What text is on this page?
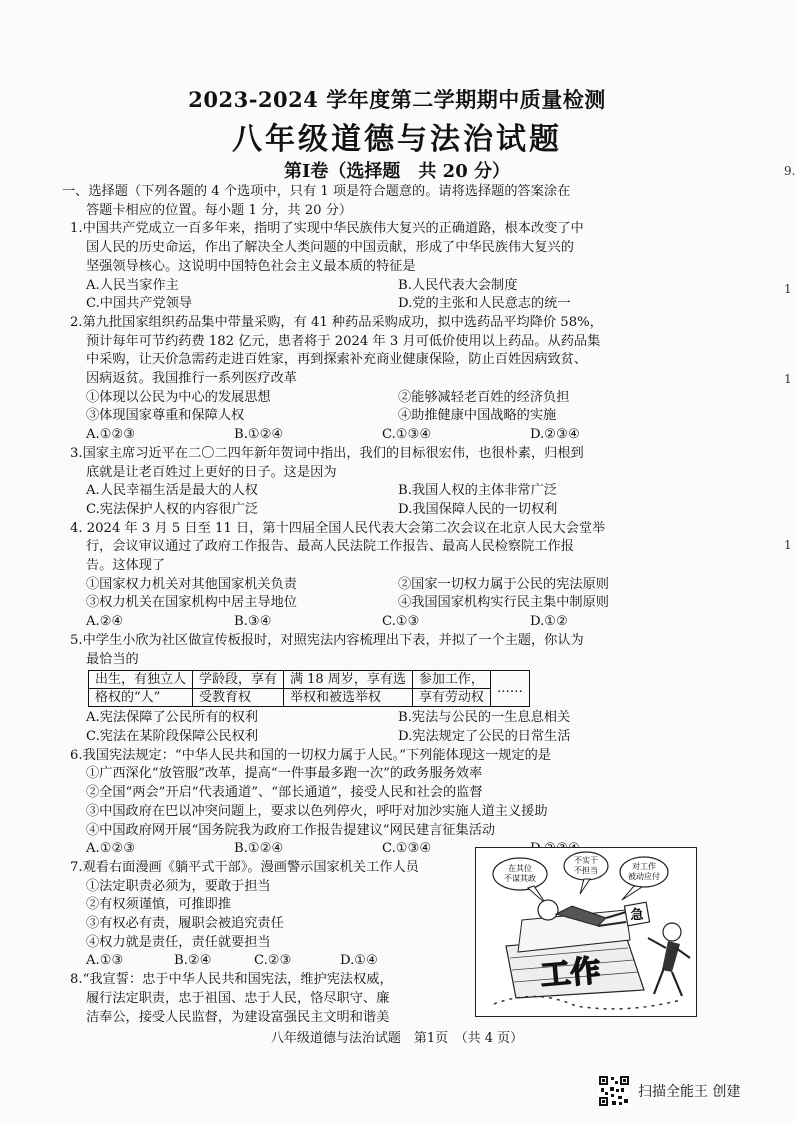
2023-2024 学年度第二学期期中质量检测
八年级道德与法治试题
第Ⅰ卷（选择题　共 20 分）
一、选择题（下列各题的 4 个选项中，只有 1 项是符合题意的。请将选择题的答案涂在
答题卡相应的位置。每小题 1 分，共 20 分）
1.中国共产党成立一百多年来，指明了实现中华民族伟大复兴的正确道路，根本改变了中
国人民的历史命运，作出了解决全人类问题的中国贡献，形成了中华民族伟大复兴的
坚强领导核心。这说明中国特色社会主义最本质的特征是
A.人民当家作主	B.人民代表大会制度
C.中国共产党领导	D.党的主张和人民意志的统一
2.第九批国家组织药品集中带量采购，有 41 种药品采购成功，拟中选药品平均降价 58%，
预计每年可节约药费 182 亿元，患者将于 2024 年 3 月可低价使用以上药品。从药品集
中采购，让天价急需药走进百姓家，再到探索补充商业健康保险，防止百姓因病致贫、
因病返贫。我国推行一系列医疗改革
①体现以公民为中心的发展思想	②能够减轻老百姓的经济负担
③体现国家尊重和保障人权	④助推健康中国战略的实施
A.①②③	B.①②④	C.①③④	D.②③④
3.国家主席习近平在二〇二四年新年贺词中指出，我们的目标很宏伟，也很朴素，归根到
底就是让老百姓过上更好的日子。这是因为
A.人民幸福生活是最大的人权	B.我国人权的主体非常广泛
C.宪法保护人权的内容很广泛	D.我国保障人民的一切权利
4. 2024 年 3 月 5 日至 11 日，第十四届全国人民代表大会第二次会议在北京人民大会堂举
行，会议审议通过了政府工作报告、最高人民法院工作报告、最高人民检察院工作报
告。这体现了
①国家权力机关对其他国家机关负责	②国家一切权力属于公民的宪法原则
③权力机关在国家机构中居主导地位	④我国国家机构实行民主集中制原则
A.②④	B.③④	C.①③	D.①②
5.中学生小欣为社区做宣传板报时，对照宪法内容梳理出下表，并拟了一个主题，你认为
最恰当的
出生，有独立人	学龄段，享有	满 18 周岁，享有选	参加工作，	……
格权的“人”	受教育权	举权和被选举权	享有劳动权	
A.宪法保障了公民所有的权利	B.宪法与公民的一生息息相关
C.宪法在某阶段保障公民权利	D.宪法规定了公民的日常生活
6.我国宪法规定：“中华人民共和国的一切权力属于人民。”下列能体现这一规定的是
①广西深化“放管服”改革，提高“一件事最多跑一次”的政务服务效率
②全国“两会”开启“代表通道”、“部长通道”，接受人民和社会的监督
③中国政府在巴以冲突问题上，要求以色列停火，呼吁对加沙实施人道主义援助
④中国政府网开展“国务院我为政府工作报告提建议”网民建言征集活动
A.①②③	B.①②④	C.①③④
7.观看右面漫画《躺平式干部》。漫画警示国家机关工作人员
①法定职责必须为，要敢于担当
②有权须谨慎，可推即推
③有权必有责，履职会被追究责任
④权力就是责任，责任就要担当
A.①③	B.②④	C.②③	D.①④
8.“我宣誓：忠于中华人民共和国宪法，维护宪法权威，
履行法定职责，忠于祖国、忠于人民，恪尽职守、廉
洁奉公，接受人民监督，为建设富强民主文明和谐美
在其位不谋其政
不实干不担当	对工作被动应付
工作
急
八年级道德与法治试题　第1页　（共 4 页）
扫描全能王 创建
9.
1
1
1
